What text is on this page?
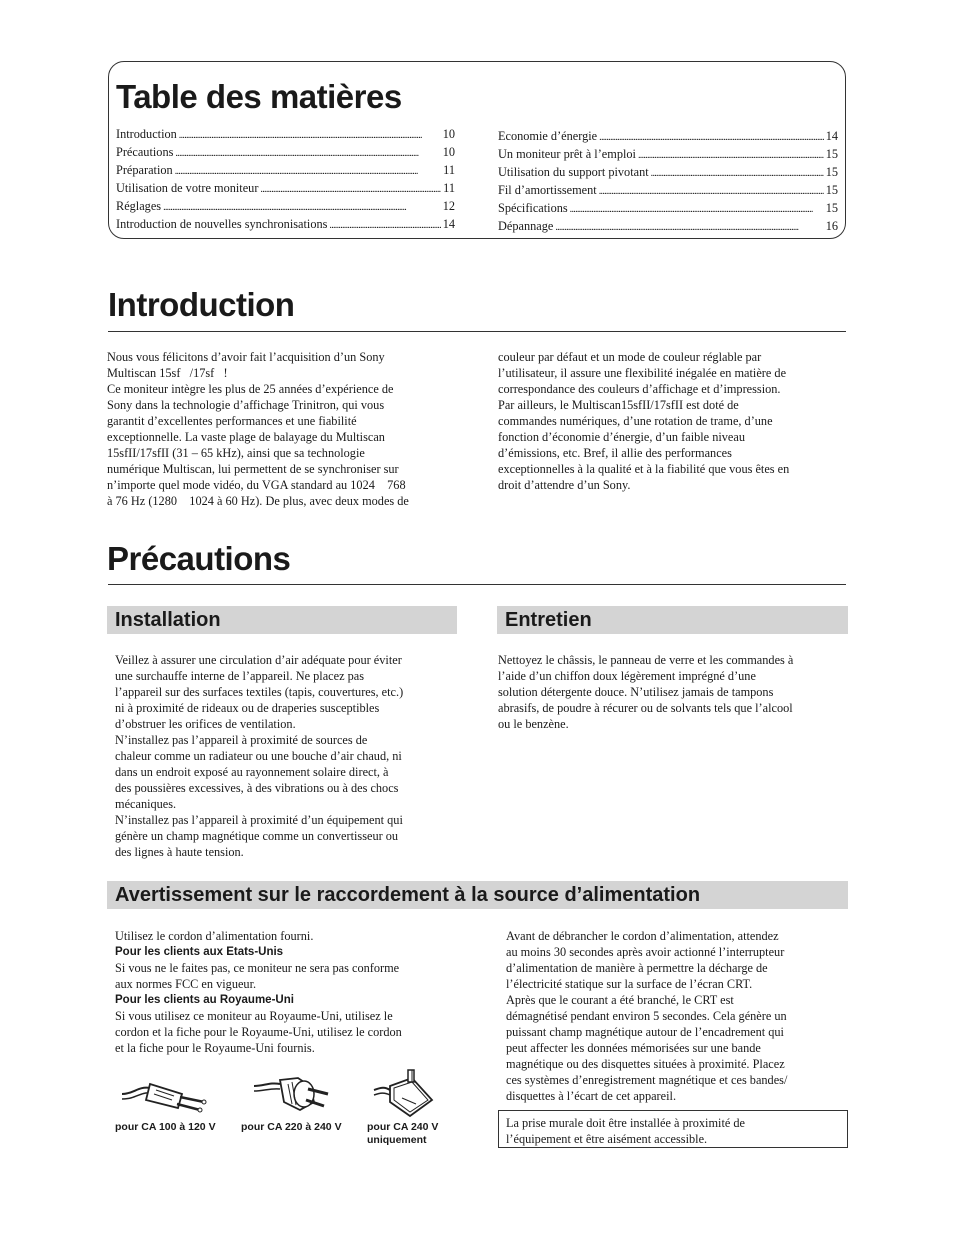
Table des matières
Introduction . . .	10
Précautions . . .	10
Préparation . . .	11
Utilisation de votre moniteur . . .	11
Réglages . . .	12
Introduction de nouvelles synchronisations . . .	14
Economie d’énergie . . .	14
Un moniteur prêt à l’emploi . . .	15
Utilisation du support pivotant . . .	15
Fil d’amortissement . . .	15
Spécifications . . .	15
Dépannage . . .	16
Introduction

Nous vous félicitons d’avoir fait l’acquisition d’un Sony

Multiscan 15sf   /17sf   !

Ce moniteur intègre les plus de 25 années d’expérience de

Sony dans la technologie d’affichage Trinitron, qui vous

garantit d’excellentes performances et une fiabilité

exceptionnelle. La vaste plage de balayage du Multiscan

15sfII/17sfII (31 – 65 kHz), ainsi que sa technologie

numérique Multiscan, lui permettent de se synchroniser sur

n’importe quel mode vidéo, du VGA standard au 1024    768

à 76 Hz (1280    1024 à 60 Hz). De plus, avec deux modes de

couleur par défaut et un mode de couleur réglable par

l’utilisateur, il assure une flexibilité inégalée en matière de

correspondance des couleurs d’affichage et d’impression.

Par ailleurs, le Multiscan15sfII/17sfII est doté de

commandes numériques, d’une rotation de trame, d’une

fonction d’économie d’énergie, d’un faible niveau

d’émissions, etc. Bref, il allie des performances

exceptionnelles à la qualité et à la fiabilité que vous êtes en

droit d’attendre d’un Sony.

Précautions
Installation	Entretien

Veillez à assurer une circulation d’air adéquate pour éviter

une surchauffe interne de l’appareil. Ne placez pas

l’appareil sur des surfaces textiles (tapis, couvertures, etc.)

ni à proximité de rideaux ou de draperies susceptibles

d’obstruer les orifices de ventilation.

N’installez pas l’appareil à proximité de sources de

chaleur comme un radiateur ou une bouche d’air chaud, ni

dans un endroit exposé au rayonnement solaire direct, à

des poussières excessives, à des vibrations ou à des chocs

mécaniques.

N’installez pas l’appareil à proximité d’un équipement qui

génère un champ magnétique comme un convertisseur ou

des lignes à haute tension.

Nettoyez le châssis, le panneau de verre et les commandes à

l’aide d’un chiffon doux légèrement imprégné d’une

solution détergente douce. N’utilisez jamais de tampons

abrasifs, de poudre à récurer ou de solvants tels que l’alcool

ou le benzène.

Avertissement sur le raccordement à la source d’alimentation

Utilisez le cordon d’alimentation fourni.

Pour les clients aux Etats-Unis

Si vous ne le faites pas, ce moniteur ne sera pas conforme

aux normes FCC en vigueur.

Pour les clients au Royaume-Uni

Si vous utilisez ce moniteur au Royaume-Uni, utilisez le

cordon et la fiche pour le Royaume-Uni, utilisez le cordon

et la fiche pour le Royaume-Uni fournis.

pour CA 100 à 120 V	pour CA 220 à 240 V	pour CA 240 V
uniquement

Avant de débrancher le cordon d’alimentation, attendez

au moins 30 secondes après avoir actionné l’interrupteur

d’alimentation de manière à permettre la décharge de

l’électricité statique sur la surface de l’écran CRT.

Après que le courant a été branché, le CRT est

démagnétisé pendant environ 5 secondes. Cela génère un

puissant champ magnétique autour de l’encadrement qui

peut affecter les données mémorisées sur une bande

magnétique ou des disquettes situées à proximité. Placez

ces systèmes d’enregistrement magnétique et ces bandes/

disquettes à l’écart de cet appareil.

La prise murale doit être installée à proximité de
l’équipement et être aisément accessible.
